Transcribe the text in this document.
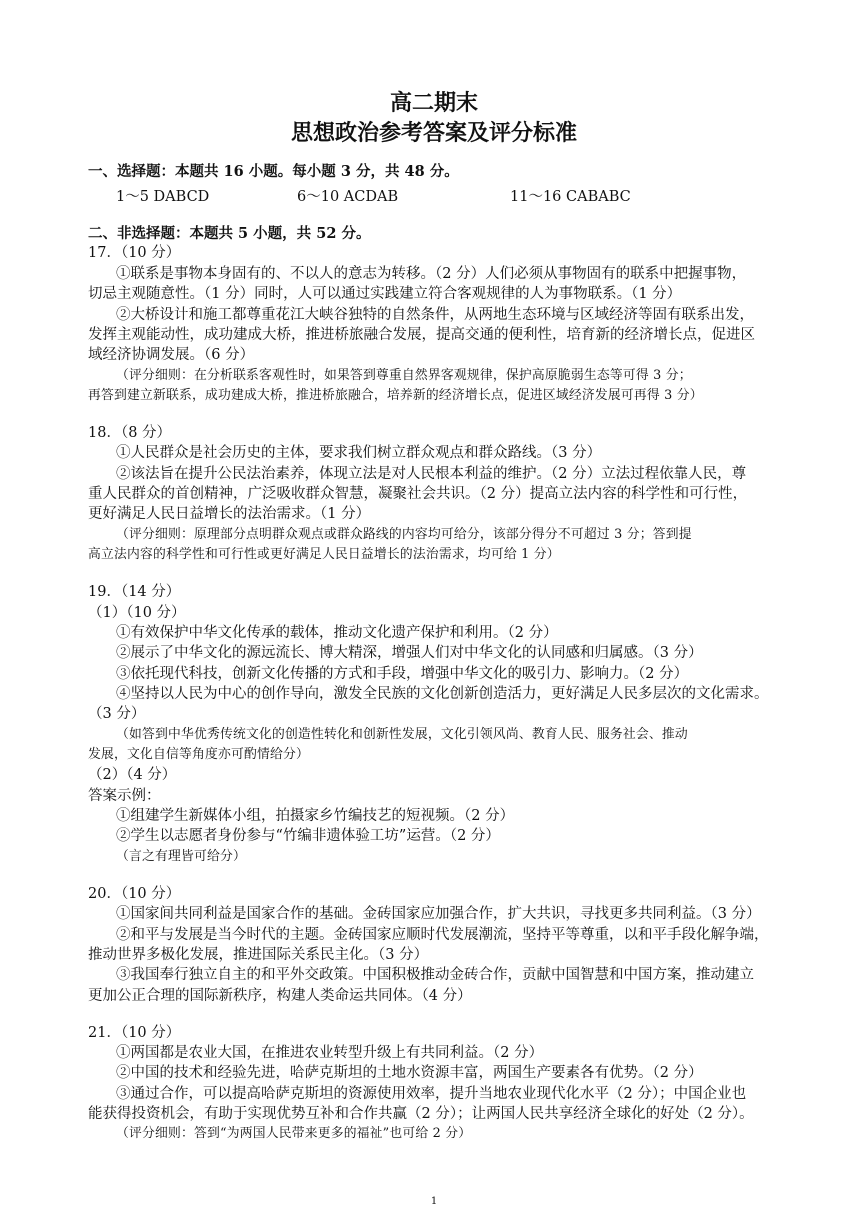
高二期末
思想政治参考答案及评分标准
一、选择题：本题共 16 小题。每小题 3 分，共 48 分。
1～5 DABCD	6～10 ACDAB	11～16 CABABC
二、非选择题：本题共 5 小题，共 52 分。
17．（10 分）
①联系是事物本身固有的、不以人的意志为转移。（2 分）人们必须从事物固有的联系中把握事物，
切忌主观随意性。（1 分）同时，人可以通过实践建立符合客观规律的人为事物联系。（1 分）
②大桥设计和施工都尊重花江大峡谷独特的自然条件，从两地生态环境与区域经济等固有联系出发，
发挥主观能动性，成功建成大桥，推进桥旅融合发展，提高交通的便利性，培育新的经济增长点，促进区
域经济协调发展。（6 分）
（评分细则：在分析联系客观性时，如果答到尊重自然界客观规律，保护高原脆弱生态等可得 3 分；
再答到建立新联系，成功建成大桥，推进桥旅融合，培养新的经济增长点，促进区域经济发展可再得 3 分）
18．（8 分）
①人民群众是社会历史的主体，要求我们树立群众观点和群众路线。（3 分）
②该法旨在提升公民法治素养，体现立法是对人民根本利益的维护。（2 分）立法过程依靠人民，尊
重人民群众的首创精神，广泛吸收群众智慧，凝聚社会共识。（2 分）提高立法内容的科学性和可行性，
更好满足人民日益增长的法治需求。（1 分）
（评分细则：原理部分点明群众观点或群众路线的内容均可给分，该部分得分不可超过 3 分；答到提
高立法内容的科学性和可行性或更好满足人民日益增长的法治需求，均可给 1 分）
19．（14 分）
（1）（10 分）
①有效保护中华文化传承的载体，推动文化遗产保护和利用。（2 分）
②展示了中华文化的源远流长、博大精深，增强人们对中华文化的认同感和归属感。（3 分）
③依托现代科技，创新文化传播的方式和手段，增强中华文化的吸引力、影响力。（2 分）
④坚持以人民为中心的创作导向，激发全民族的文化创新创造活力，更好满足人民多层次的文化需求。
（3 分）
（如答到中华优秀传统文化的创造性转化和创新性发展，文化引领风尚、教育人民、服务社会、推动
发展，文化自信等角度亦可酌情给分）
（2）（4 分）
答案示例：
①组建学生新媒体小组，拍摄家乡竹编技艺的短视频。（2 分）
②学生以志愿者身份参与“竹编非遗体验工坊”运营。（2 分）
（言之有理皆可给分）
20．（10 分）
①国家间共同利益是国家合作的基础。金砖国家应加强合作，扩大共识，寻找更多共同利益。（3 分）
②和平与发展是当今时代的主题。金砖国家应顺时代发展潮流，坚持平等尊重，以和平手段化解争端，
推动世界多极化发展，推进国际关系民主化。（3 分）
③我国奉行独立自主的和平外交政策。中国积极推动金砖合作，贡献中国智慧和中国方案，推动建立
更加公正合理的国际新秩序，构建人类命运共同体。（4 分）
21．（10 分）
①两国都是农业大国，在推进农业转型升级上有共同利益。（2 分）
②中国的技术和经验先进，哈萨克斯坦的土地水资源丰富，两国生产要素各有优势。（2 分）
③通过合作，可以提高哈萨克斯坦的资源使用效率，提升当地农业现代化水平（2 分）；中国企业也
能获得投资机会，有助于实现优势互补和合作共赢（2 分）；让两国人民共享经济全球化的好处（2 分）。
（评分细则：答到“为两国人民带来更多的福祉”也可给 2 分）
1
